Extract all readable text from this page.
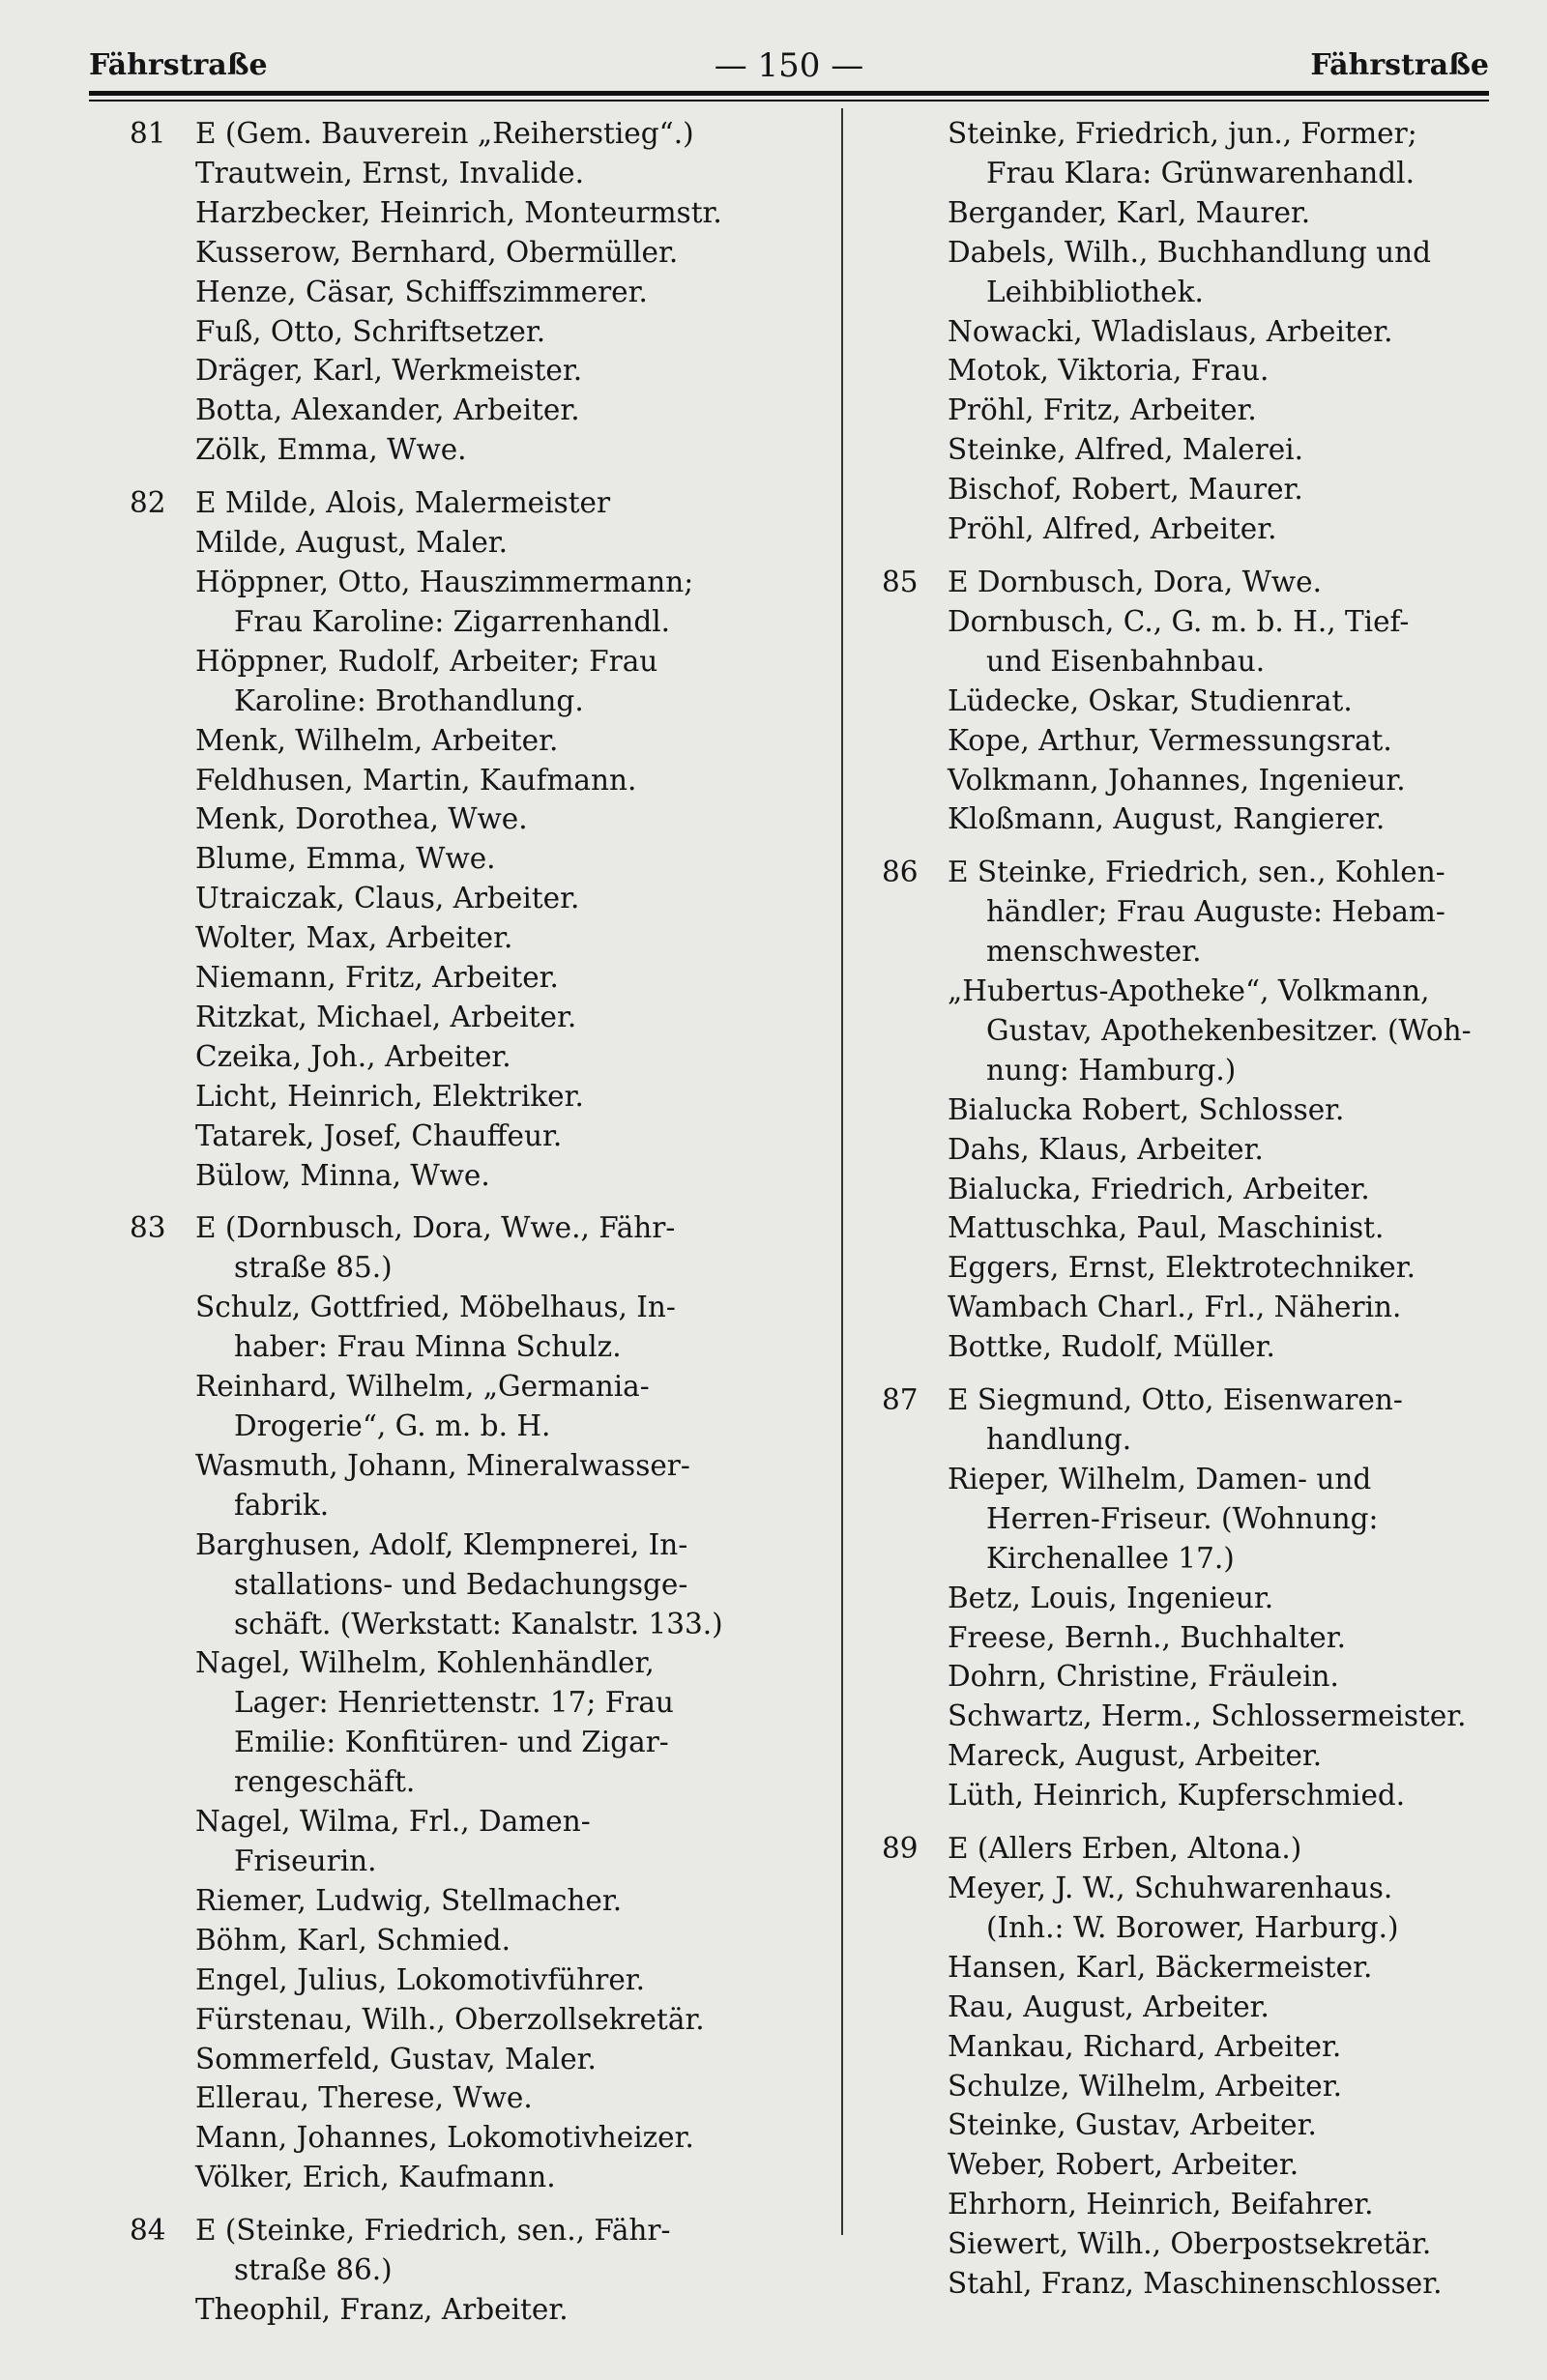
Fährstraße	— 150 —	Fährstraße
81 E (Gem. Bauverein „Reiherstieg“.)
Trautwein, Ernst, Invalide.
Harzbecker, Heinrich, Monteurmstr.
Kusserow, Bernhard, Obermüller.
Henze, Cäsar, Schiffszimmerer.
Fuß, Otto, Schriftsetzer.
Dräger, Karl, Werkmeister.
Botta, Alexander, Arbeiter.
Zölk, Emma, Wwe.
82 E Milde, Alois, Malermeister
Milde, August, Maler.
Höppner, Otto, Hauszimmermann;
Frau Karoline: Zigarrenhandl.
Höppner, Rudolf, Arbeiter; Frau
Karoline: Brothandlung.
Menk, Wilhelm, Arbeiter.
Feldhusen, Martin, Kaufmann.
Menk, Dorothea, Wwe.
Blume, Emma, Wwe.
Utraiczak, Claus, Arbeiter.
Wolter, Max, Arbeiter.
Niemann, Fritz, Arbeiter.
Ritzkat, Michael, Arbeiter.
Czeika, Joh., Arbeiter.
Licht, Heinrich, Elektriker.
Tatarek, Josef, Chauffeur.
Bülow, Minna, Wwe.
83 E (Dornbusch, Dora, Wwe., Fähr-
straße 85.)
Schulz, Gottfried, Möbelhaus, In-
haber: Frau Minna Schulz.
Reinhard, Wilhelm, „Germania-
Drogerie“, G. m. b. H.
Wasmuth, Johann, Mineralwasser-
fabrik.
Barghusen, Adolf, Klempnerei, In-
stallations- und Bedachungsge-
schäft. (Werkstatt: Kanalstr. 133.)
Nagel, Wilhelm, Kohlenhändler,
Lager: Henriettenstr. 17; Frau
Emilie: Konfitüren- und Zigar-
rengeschäft.
Nagel, Wilma, Frl., Damen-
Friseurin.
Riemer, Ludwig, Stellmacher.
Böhm, Karl, Schmied.
Engel, Julius, Lokomotivführer.
Fürstenau, Wilh., Oberzollsekretär.
Sommerfeld, Gustav, Maler.
Ellerau, Therese, Wwe.
Mann, Johannes, Lokomotivheizer.
Völker, Erich, Kaufmann.
84 E (Steinke, Friedrich, sen., Fähr-
straße 86.)
Theophil, Franz, Arbeiter.
Steinke, Friedrich, jun., Former;
Frau Klara: Grünwarenhandl.
Bergander, Karl, Maurer.
Dabels, Wilh., Buchhandlung und
Leihbibliothek.
Nowacki, Wladislaus, Arbeiter.
Motok, Viktoria, Frau.
Pröhl, Fritz, Arbeiter.
Steinke, Alfred, Malerei.
Bischof, Robert, Maurer.
Pröhl, Alfred, Arbeiter.
85 E Dornbusch, Dora, Wwe.
Dornbusch, C., G. m. b. H., Tief-
und Eisenbahnbau.
Lüdecke, Oskar, Studienrat.
Kope, Arthur, Vermessungsrat.
Volkmann, Johannes, Ingenieur.
Kloßmann, August, Rangierer.
86 E Steinke, Friedrich, sen., Kohlen-
händler; Frau Auguste: Hebam-
menschwester.
„Hubertus-Apotheke“, Volkmann,
Gustav, Apothekenbesitzer. (Woh-
nung: Hamburg.)
Bialucka Robert, Schlosser.
Dahs, Klaus, Arbeiter.
Bialucka, Friedrich, Arbeiter.
Mattuschka, Paul, Maschinist.
Eggers, Ernst, Elektrotechniker.
Wambach Charl., Frl., Näherin.
Bottke, Rudolf, Müller.
87 E Siegmund, Otto, Eisenwaren-
handlung.
Rieper, Wilhelm, Damen- und
Herren-Friseur. (Wohnung:
Kirchenallee 17.)
Betz, Louis, Ingenieur.
Freese, Bernh., Buchhalter.
Dohrn, Christine, Fräulein.
Schwartz, Herm., Schlossermeister.
Mareck, August, Arbeiter.
Lüth, Heinrich, Kupferschmied.
89 E (Allers Erben, Altona.)
Meyer, J. W., Schuhwarenhaus.
(Inh.: W. Borower, Harburg.)
Hansen, Karl, Bäckermeister.
Rau, August, Arbeiter.
Mankau, Richard, Arbeiter.
Schulze, Wilhelm, Arbeiter.
Steinke, Gustav, Arbeiter.
Weber, Robert, Arbeiter.
Ehrhorn, Heinrich, Beifahrer.
Siewert, Wilh., Oberpostsekretär.
Stahl, Franz, Maschinenschlosser.
